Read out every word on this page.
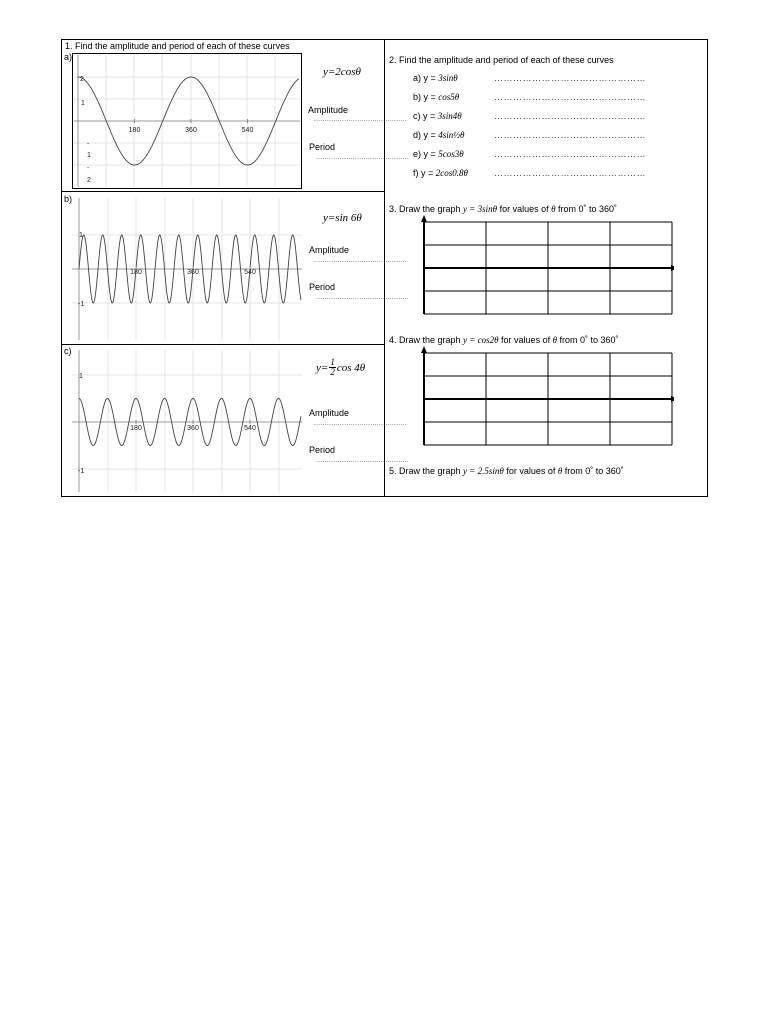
1. Find the amplitude and period of each of these curves
a)
180	360	540
2
1
-
1
-
2
y=2cosθ
Amplitude
...........................................
Period
...........................................
b)
180	360	540
1
-1
y=sin 6θ
Amplitude
...........................................
Period
...........................................
c)
180	360	540
1
-1
$y= \frac{1}{2}$ cos 4θ
Amplitude
...........................................
Period
...........................................
2. Find the amplitude and period of each of these curves
a) y = 3sinθ	…………………………………………
b) y = cos5θ	…………………………………………
c) y = 3sin4θ	…………………………………………
d) y = 4sin½θ	…………………………………………
e) y = 5cos3θ	…………………………………………
f) y = 2cos0.8θ	…………………………………………
3. Draw the graph y = 3sinθ for values of θ from 0˚ to 360˚
4. Draw the graph y = cos2θ for values of θ from 0˚ to 360˚
5. Draw the graph y = 2.5sinθ for values of θ from 0˚ to 360˚
